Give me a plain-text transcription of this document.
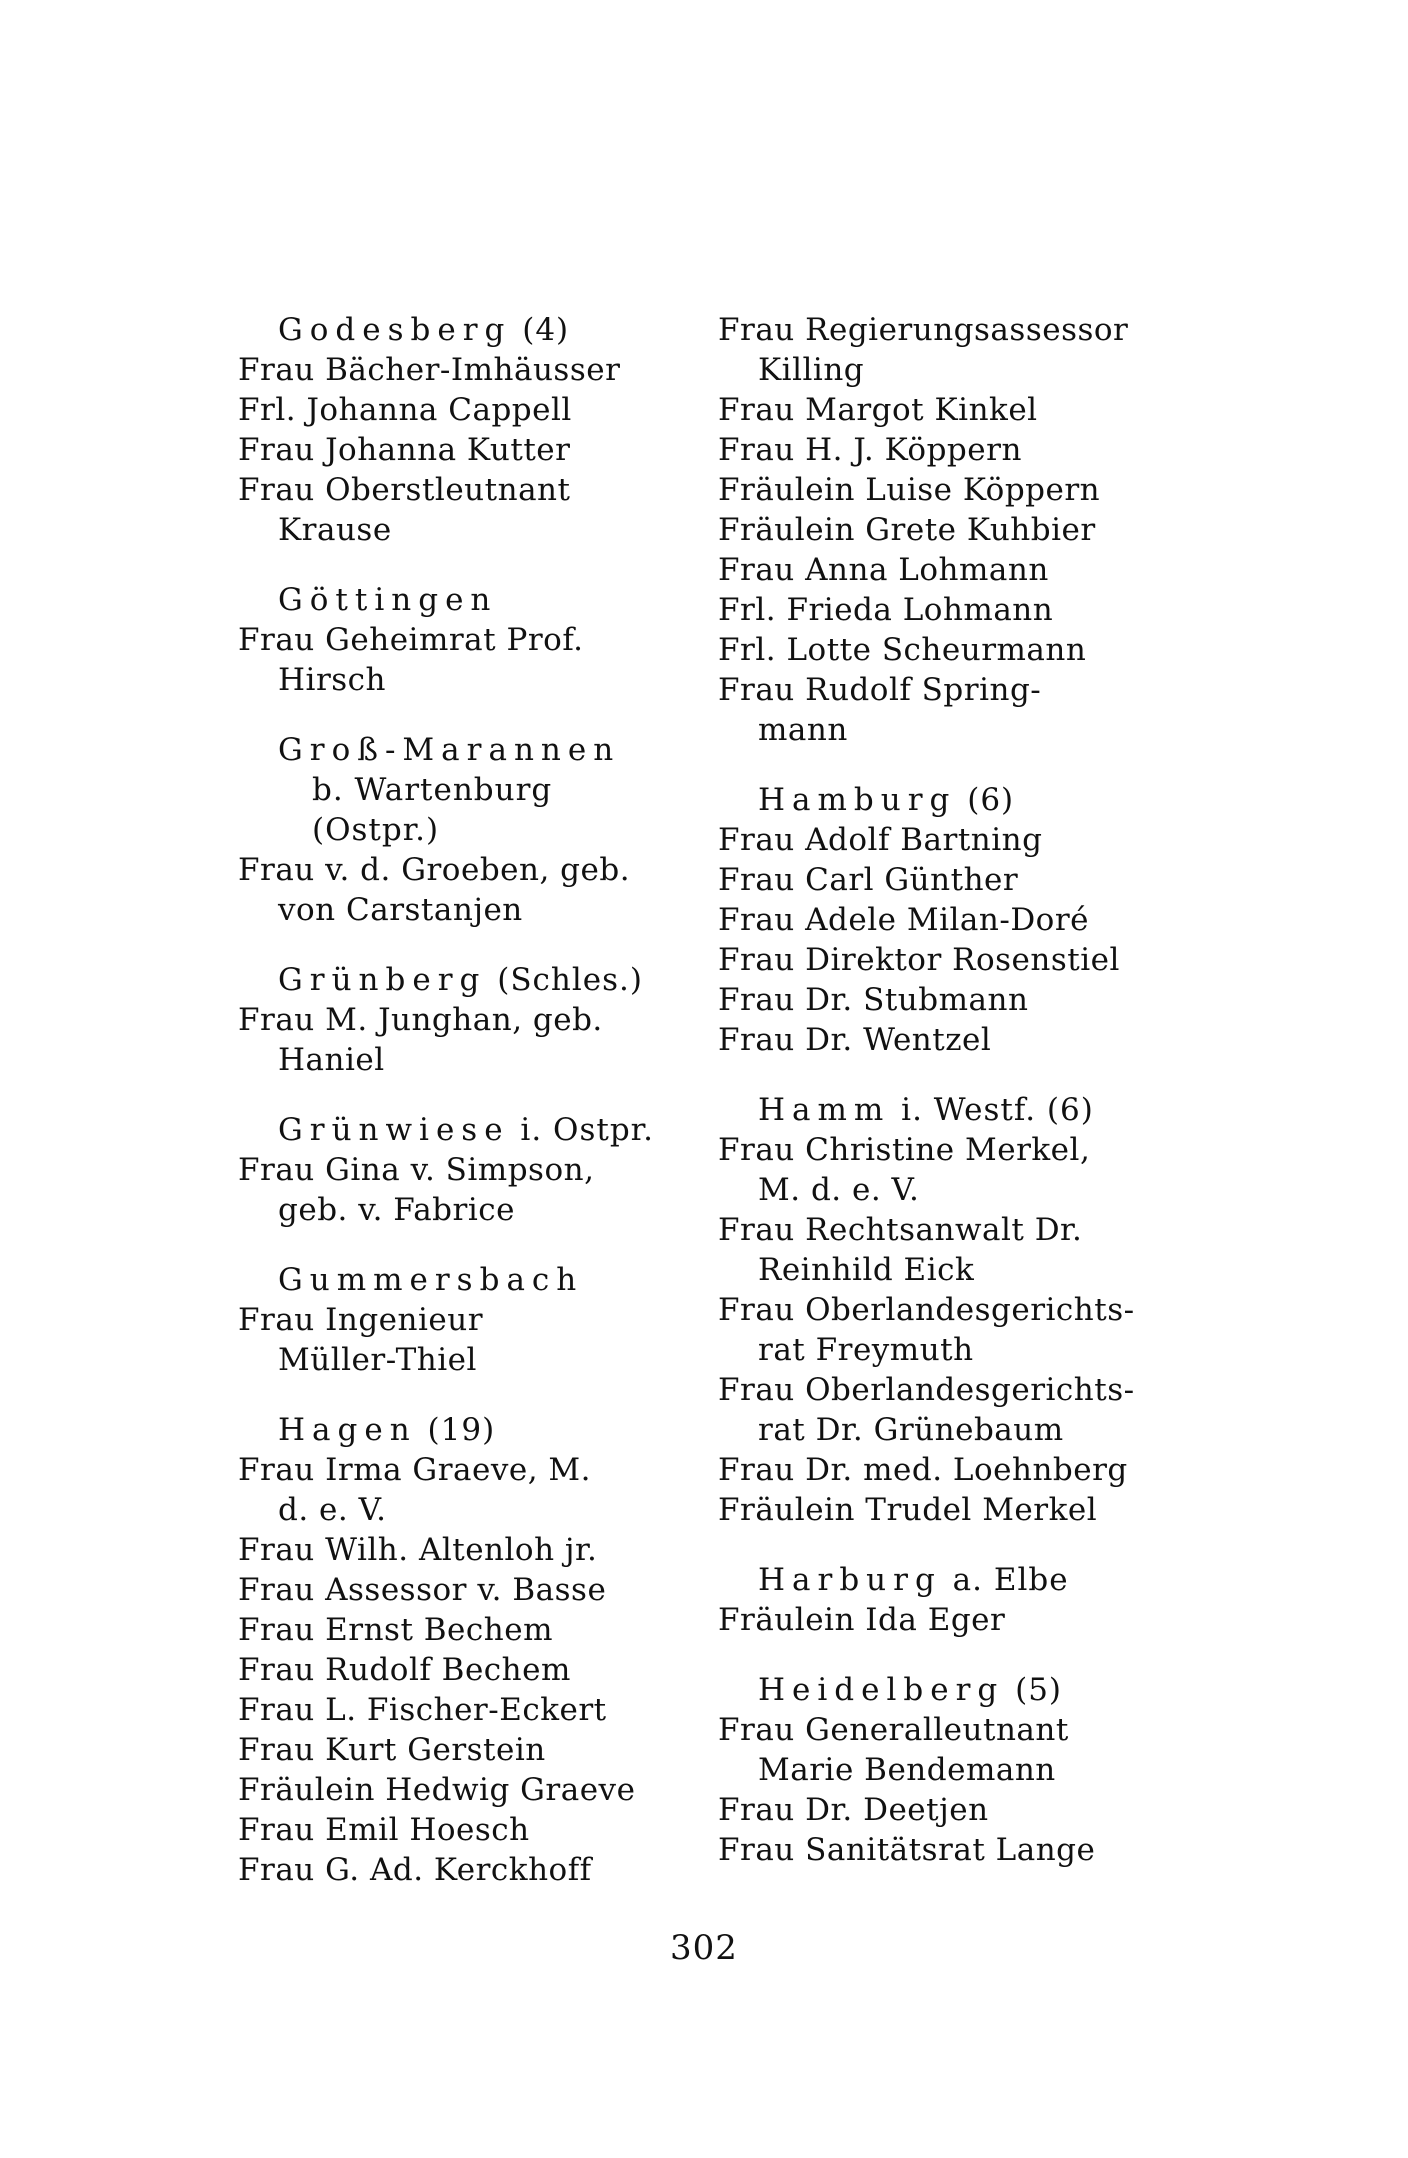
Godesberg (4)
Frau Bächer-Imhäusser
Frl. Johanna Cappell
Frau Johanna Kutter
Frau Oberstleutnant
Krause
Göttingen
Frau Geheimrat Prof.
Hirsch
Groß-Marannen
b. Wartenburg
(Ostpr.)
Frau v. d. Groeben, geb.
von Carstanjen
Grünberg (Schles.)
Frau M. Junghan, geb.
Haniel
Grünwiese i. Ostpr.
Frau Gina v. Simpson,
geb. v. Fabrice
Gummersbach
Frau Ingenieur
Müller-Thiel
Hagen (19)
Frau Irma Graeve, M.
d. e. V.
Frau Wilh. Altenloh jr.
Frau Assessor v. Basse
Frau Ernst Bechem
Frau Rudolf Bechem
Frau L. Fischer-Eckert
Frau Kurt Gerstein
Fräulein Hedwig Graeve
Frau Emil Hoesch
Frau G. Ad. Kerckhoff
Frau Regierungsassessor
Killing
Frau Margot Kinkel
Frau H. J. Köppern
Fräulein Luise Köppern
Fräulein Grete Kuhbier
Frau Anna Lohmann
Frl. Frieda Lohmann
Frl. Lotte Scheurmann
Frau Rudolf Spring-
mann
Hamburg (6)
Frau Adolf Bartning
Frau Carl Günther
Frau Adele Milan-Doré
Frau Direktor Rosenstiel
Frau Dr. Stubmann
Frau Dr. Wentzel
Hamm i. Westf. (6)
Frau Christine Merkel,
M. d. e. V.
Frau Rechtsanwalt Dr.
Reinhild Eick
Frau Oberlandesgerichts-
rat Freymuth
Frau Oberlandesgerichts-
rat Dr. Grünebaum
Frau Dr. med. Loehnberg
Fräulein Trudel Merkel
Harburg a. Elbe
Fräulein Ida Eger
Heidelberg (5)
Frau Generalleutnant
Marie Bendemann
Frau Dr. Deetjen
Frau Sanitätsrat Lange
302
